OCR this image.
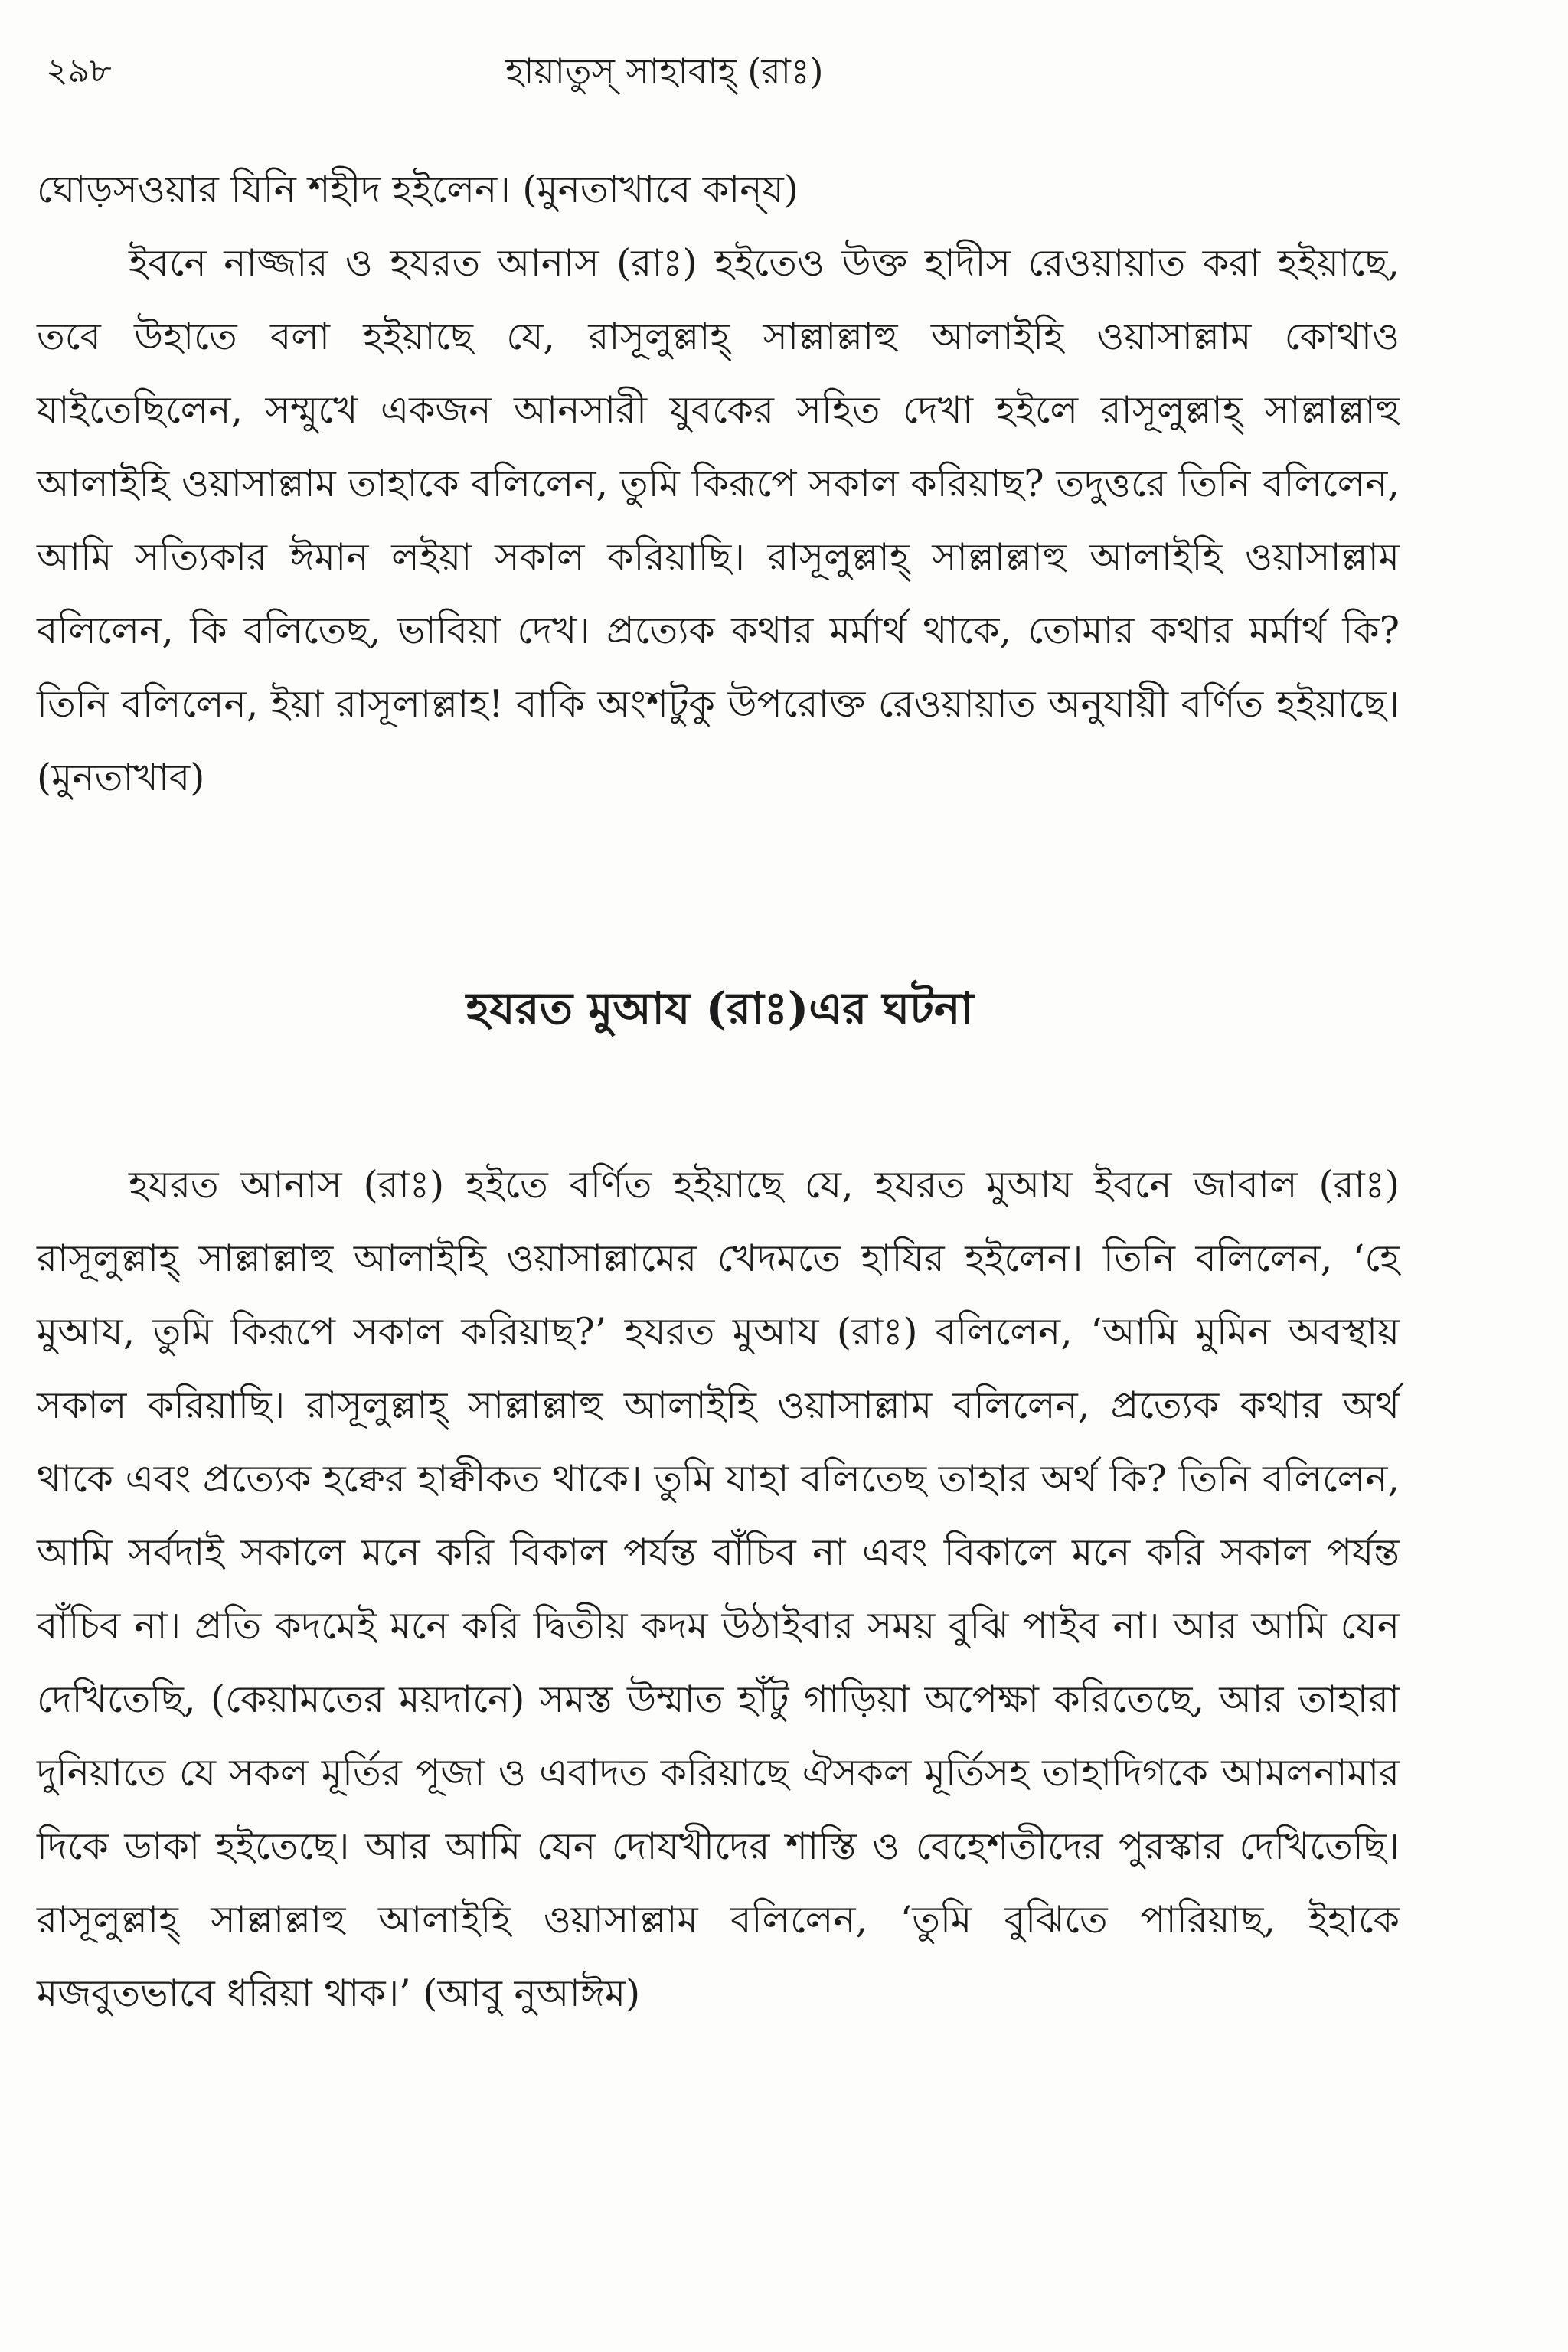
২৯৮	হায়াতুস্ সাহাবাহ্ (রাঃ)

ঘোড়সওয়ার যিনি শহীদ হইলেন। (মুনতাখাবে কান্‌য)

ইবনে নাজ্জার ও হযরত আনাস (রাঃ) হইতেও উক্ত হাদীস রেওয়ায়াত করা হইয়াছে, তবে উহাতে বলা হইয়াছে যে, রাসূলুল্লাহ্ সাল্লাল্লাহু আলাইহি ওয়াসাল্লাম কোথাও যাইতেছিলেন, সম্মুখে একজন আনসারী যুবকের সহিত দেখা হইলে রাসূলুল্লাহ্ সাল্লাল্লাহু আলাইহি ওয়াসাল্লাম তাহাকে বলিলেন, তুমি কিরূপে সকাল করিয়াছ? তদুত্তরে তিনি বলিলেন, আমি সত্যিকার ঈমান লইয়া সকাল করিয়াছি। রাসূলুল্লাহ্ সাল্লাল্লাহু আলাইহি ওয়াসাল্লাম বলিলেন, কি বলিতেছ, ভাবিয়া দেখ। প্রত্যেক কথার মর্মার্থ থাকে, তোমার কথার মর্মার্থ কি? তিনি বলিলেন, ইয়া রাসূলাল্লাহ! বাকি অংশটুকু উপরোক্ত রেওয়ায়াত অনুযায়ী বর্ণিত হইয়াছে। (মুনতাখাব)

হযরত মুআয (রাঃ)এর ঘটনা

হযরত আনাস (রাঃ) হইতে বর্ণিত হইয়াছে যে, হযরত মুআয ইবনে জাবাল (রাঃ) রাসূলুল্লাহ্ সাল্লাল্লাহু আলাইহি ওয়াসাল্লামের খেদমতে হাযির হইলেন। তিনি বলিলেন, ‘হে মুআয, তুমি কিরূপে সকাল করিয়াছ?’ হযরত মুআয (রাঃ) বলিলেন, ‘আমি মুমিন অবস্থায় সকাল করিয়াছি। রাসূলুল্লাহ্ সাল্লাল্লাহু আলাইহি ওয়াসাল্লাম বলিলেন, প্রত্যেক কথার অর্থ থাকে এবং প্রত্যেক হক্বের হাক্বীকত থাকে। তুমি যাহা বলিতেছ তাহার অর্থ কি? তিনি বলিলেন, আমি সর্বদাই সকালে মনে করি বিকাল পর্যন্ত বাঁচিব না এবং বিকালে মনে করি সকাল পর্যন্ত বাঁচিব না। প্রতি কদমেই মনে করি দ্বিতীয় কদম উঠাইবার সময় বুঝি পাইব না। আর আমি যেন দেখিতেছি, (কেয়ামতের ময়দানে) সমস্ত উম্মাত হাঁটু গাড়িয়া অপেক্ষা করিতেছে, আর তাহারা দুনিয়াতে যে সকল মূর্তির পূজা ও এবাদত করিয়াছে ঐসকল মূর্তিসহ তাহাদিগকে আমলনামার দিকে ডাকা হইতেছে। আর আমি যেন দোযখীদের শাস্তি ও বেহেশতীদের পুরস্কার দেখিতেছি। রাসূলুল্লাহ্ সাল্লাল্লাহু আলাইহি ওয়াসাল্লাম বলিলেন, ‘তুমি বুঝিতে পারিয়াছ, ইহাকে মজবুতভাবে ধরিয়া থাক।’ (আবু নুআঈম)
